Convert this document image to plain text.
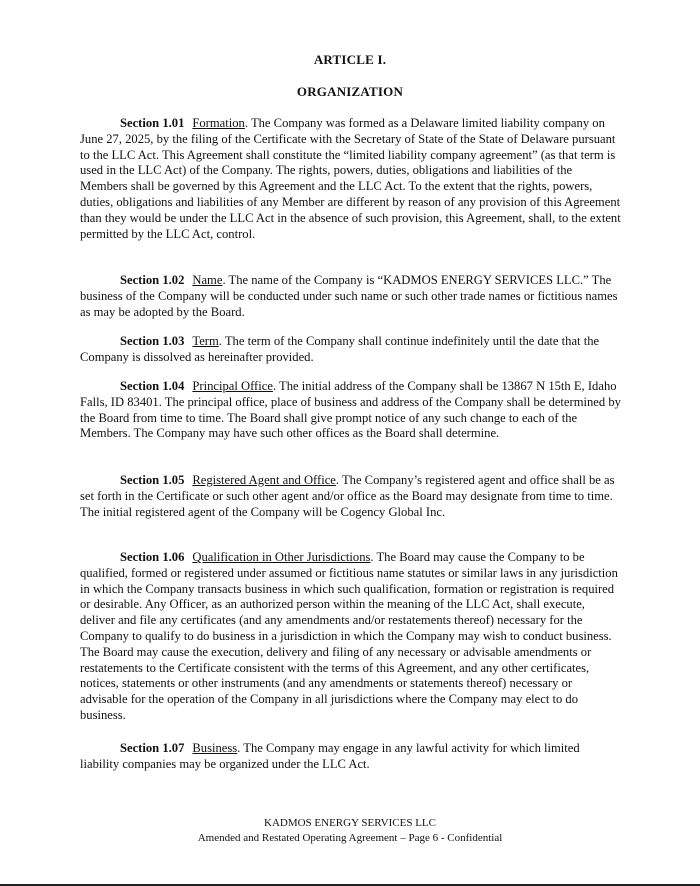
ARTICLE I.
ORGANIZATION

Section 1.01 Formation. The Company was formed as a Delaware limited liability company on June 27, 2025, by the filing of the Certificate with the Secretary of State of the State of Delaware pursuant to the LLC Act. This Agreement shall constitute the “limited liability company agreement” (as that term is used in the LLC Act) of the Company. The rights, powers, duties, obligations and liabilities of the Members shall be governed by this Agreement and the LLC Act. To the extent that the rights, powers, duties, obligations and liabilities of any Member are different by reason of any provision of this Agreement than they would be under the LLC Act in the absence of such provision, this Agreement, shall, to the extent permitted by the LLC Act, control.

Section 1.02 Name. The name of the Company is “KADMOS ENERGY SERVICES LLC.” The business of the Company will be conducted under such name or such other trade names or fictitious names as may be adopted by the Board.

Section 1.03 Term. The term of the Company shall continue indefinitely until the date that the Company is dissolved as hereinafter provided.

Section 1.04 Principal Office. The initial address of the Company shall be 13867 N 15th E, Idaho Falls, ID 83401. The principal office, place of business and address of the Company shall be determined by the Board from time to time. The Board shall give prompt notice of any such change to each of the Members. The Company may have such other offices as the Board shall determine.

Section 1.05 Registered Agent and Office. The Company’s registered agent and office shall be as set forth in the Certificate or such other agent and/or office as the Board may designate from time to time. The initial registered agent of the Company will be Cogency Global Inc.

Section 1.06 Qualification in Other Jurisdictions. The Board may cause the Company to be qualified, formed or registered under assumed or fictitious name statutes or similar laws in any jurisdiction in which the Company transacts business in which such qualification, formation or registration is required or desirable. Any Officer, as an authorized person within the meaning of the LLC Act, shall execute, deliver and file any certificates (and any amendments and/or restatements thereof) necessary for the Company to qualify to do business in a jurisdiction in which the Company may wish to conduct business. The Board may cause the execution, delivery and filing of any necessary or advisable amendments or restatements to the Certificate consistent with the terms of this Agreement, and any other certificates, notices, statements or other instruments (and any amendments or statements thereof) necessary or advisable for the operation of the Company in all jurisdictions where the Company may elect to do business.

Section 1.07 Business. The Company may engage in any lawful activity for which limited liability companies may be organized under the LLC Act.

KADMOS ENERGY SERVICES LLC
Amended and Restated Operating Agreement – Page 6 - Confidential
